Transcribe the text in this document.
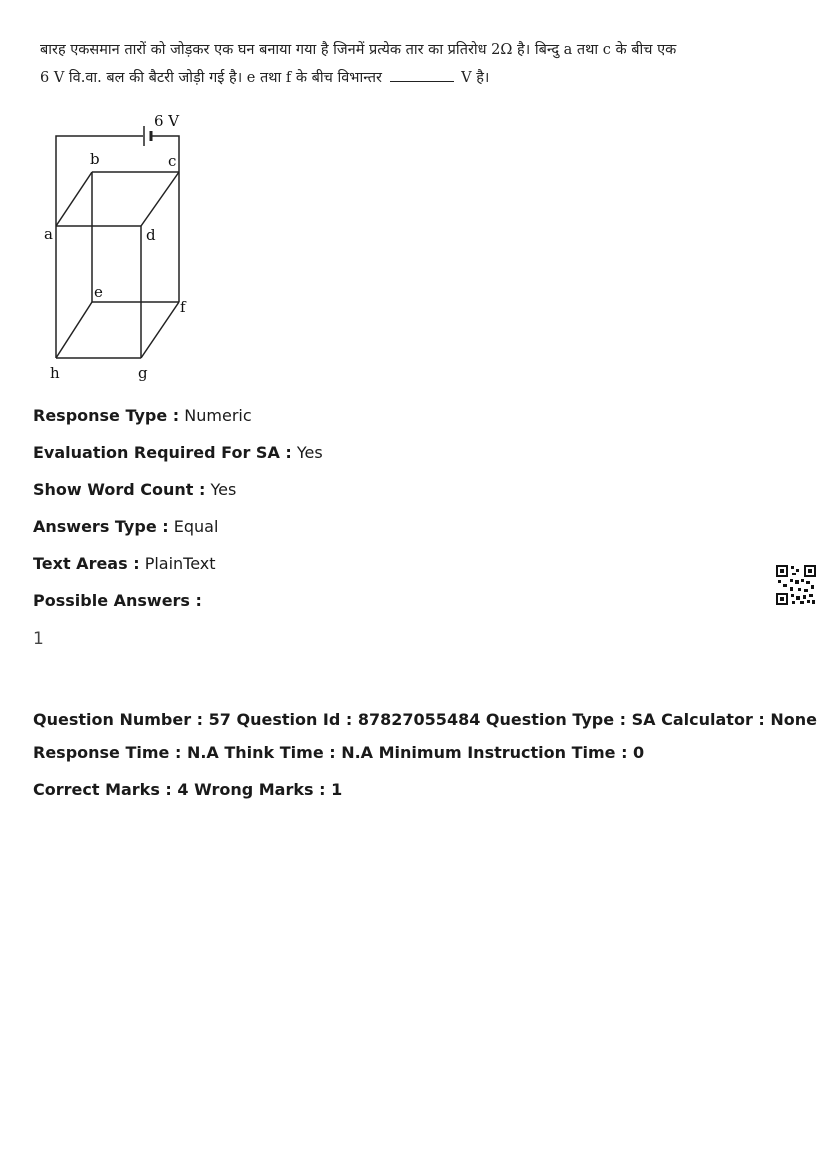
बारह एकसमान तारों को जोड़कर एक घन बनाया गया है जिनमें प्रत्येक तार का प्रतिरोध 2Ω है। बिन्दु a तथा c के बीच एक

6 V वि.वा. बल की बैटरी जोड़ी गई है। e तथा f के बीच विभान्तर	V है।

6 V
b	c
a	d
e
f
h	g
Response Type : Numeric
Evaluation Required For SA : Yes
Show Word Count : Yes
Answers Type : Equal
Text Areas : PlainText
Possible Answers :
1
Question Number : 57 Question Id : 87827055484 Question Type : SA Calculator : None
Response Time : N.A Think Time : N.A Minimum Instruction Time : 0
Correct Marks : 4 Wrong Marks : 1
